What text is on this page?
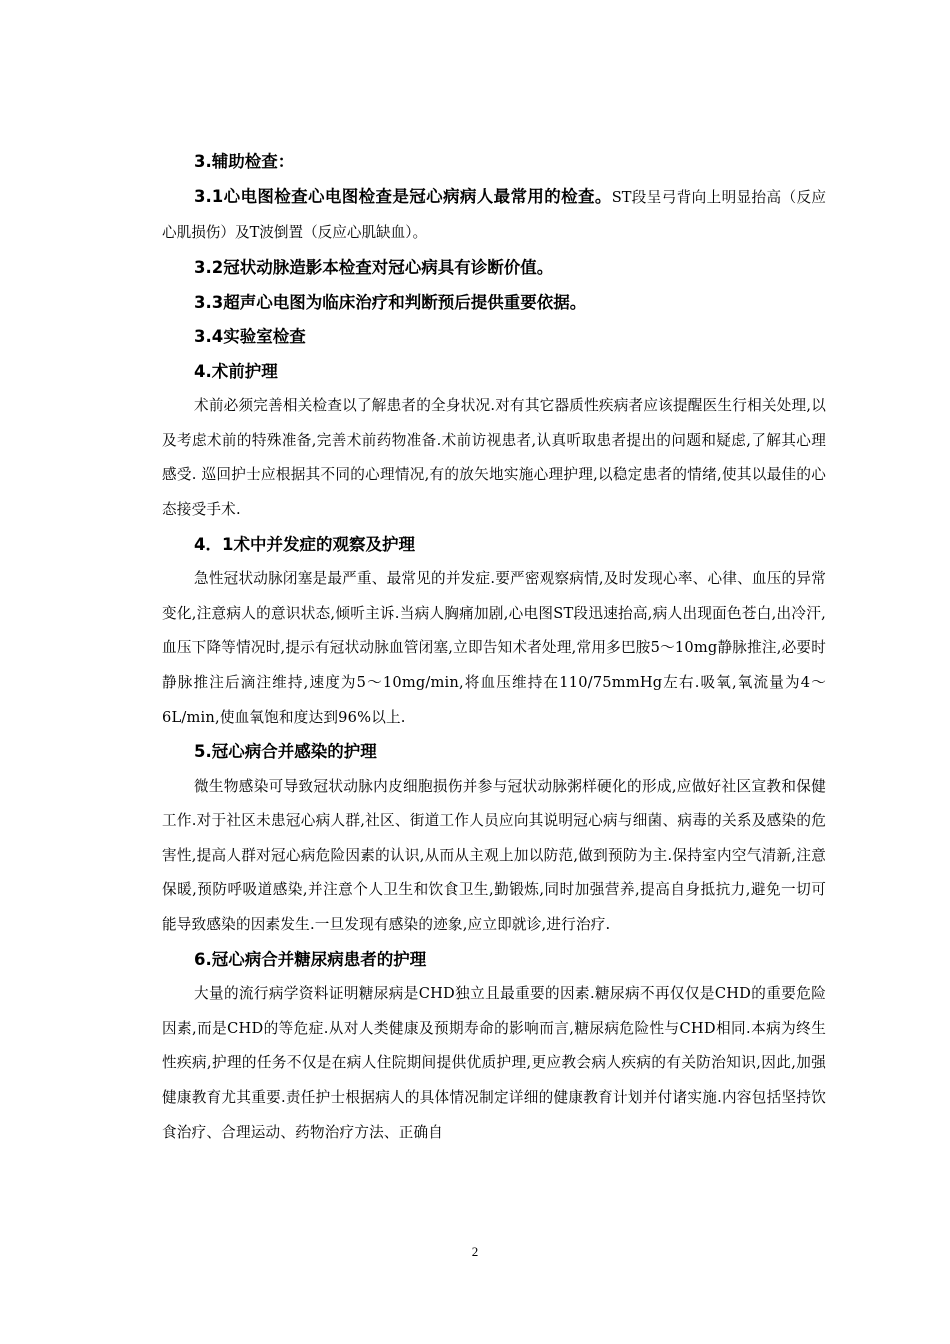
3.辅助检查：

3.1心电图检查心电图检查是冠心病病人最常用的检查。ST段呈弓背向上明显抬高（反应心肌损伤）及T波倒置（反应心肌缺血）。

3.2冠状动脉造影本检查对冠心病具有诊断价值。

3.3超声心电图为临床治疗和判断预后提供重要依据。

3.4实验室检查

4.术前护理

术前必须完善相关检查以了解患者的全身状况.对有其它器质性疾病者应该提醒医生行相关处理,以及考虑术前的特殊准备,完善术前药物准备.术前访视患者,认真听取患者提出的问题和疑虑,了解其心理感受. 巡回护士应根据其不同的心理情况,有的放矢地实施心理护理,以稳定患者的情绪,使其以最佳的心态接受手术.

4．1术中并发症的观察及护理

急性冠状动脉闭塞是最严重、最常见的并发症.要严密观察病情,及时发现心率、心律、血压的异常变化,注意病人的意识状态,倾听主诉.当病人胸痛加剧,心电图ST段迅速抬高,病人出现面色苍白,出冷汗,血压下降等情况时,提示有冠状动脉血管闭塞,立即告知术者处理,常用多巴胺5～10mg静脉推注,必要时静脉推注后滴注维持,速度为5～10mg/min,将血压维持在110/75mmHg左右.吸氧,氧流量为4～6L/min,使血氧饱和度达到96%以上.

5.冠心病合并感染的护理

微生物感染可导致冠状动脉内皮细胞损伤并参与冠状动脉粥样硬化的形成,应做好社区宣教和保健工作.对于社区未患冠心病人群,社区、街道工作人员应向其说明冠心病与细菌、病毒的关系及感染的危害性,提高人群对冠心病危险因素的认识,从而从主观上加以防范,做到预防为主.保持室内空气清新,注意保暖,预防呼吸道感染,并注意个人卫生和饮食卫生,勤锻炼,同时加强营养,提高自身抵抗力,避免一切可能导致感染的因素发生.一旦发现有感染的迹象,应立即就诊,进行治疗.

6.冠心病合并糖尿病患者的护理

大量的流行病学资料证明糖尿病是CHD独立且最重要的因素.糖尿病不再仅仅是CHD的重要危险因素,而是CHD的等危症.从对人类健康及预期寿命的影响而言,糖尿病危险性与CHD相同.本病为终生性疾病,护理的任务不仅是在病人住院期间提供优质护理,更应教会病人疾病的有关防治知识,因此,加强健康教育尤其重要.责任护士根据病人的具体情况制定详细的健康教育计划并付诸实施.内容包括坚持饮食治疗、合理运动、药物治疗方法、正确自

2
